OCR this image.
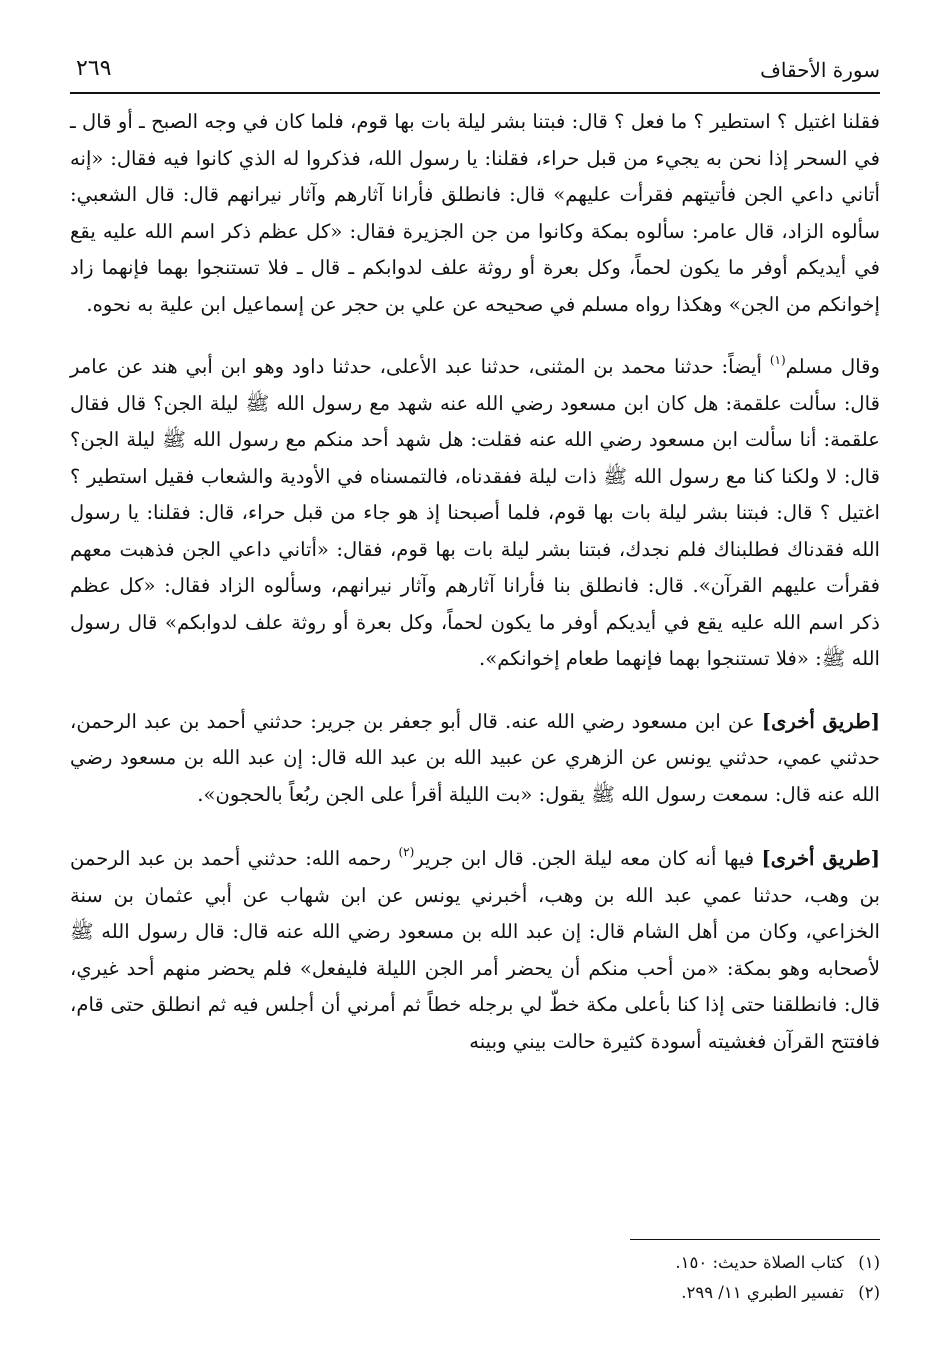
سورة الأحقاف
٢٦٩

فقلنا اغتيل ؟ استطير ؟ ما فعل ؟ قال: فبتنا بشر ليلة بات بها قوم، فلما كان في وجه الصبح ـ أو قال ـ في السحر إذا نحن به يجيء من قبل حراء، فقلنا: يا رسول الله، فذكروا له الذي كانوا فيه فقال: «إنه أتاني داعي الجن فأتيتهم فقرأت عليهم» قال: فانطلق فأرانا آثارهم وآثار نيرانهم قال: قال الشعبي: سألوه الزاد، قال عامر: سألوه بمكة وكانوا من جن الجزيرة فقال: «كل عظم ذكر اسم الله عليه يقع في أيديكم أوفر ما يكون لحماً، وكل بعرة أو روثة علف لدوابكم ـ قال ـ فلا تستنجوا بهما فإنهما زاد إخوانكم من الجن» وهكذا رواه مسلم في صحيحه عن علي بن حجر عن إسماعيل ابن علية به نحوه.

وقال مسلم$^{(١)}$ أيضاً: حدثنا محمد بن المثنى، حدثنا عبد الأعلى، حدثنا داود وهو ابن أبي هند عن عامر قال: سألت علقمة: هل كان ابن مسعود رضي الله عنه شهد مع رسول الله ﷺ ليلة الجن؟ قال فقال علقمة: أنا سألت ابن مسعود رضي الله عنه فقلت: هل شهد أحد منكم مع رسول الله ﷺ ليلة الجن؟ قال: لا ولكنا كنا مع رسول الله ﷺ ذات ليلة ففقدناه، فالتمسناه في الأودية والشعاب فقيل استطير ؟ اغتيل ؟ قال: فبتنا بشر ليلة بات بها قوم، فلما أصبحنا إذ هو جاء من قبل حراء، قال: فقلنا: يا رسول الله فقدناك فطلبناك فلم نجدك، فبتنا بشر ليلة بات بها قوم، فقال: «أتاني داعي الجن فذهبت معهم فقرأت عليهم القرآن». قال: فانطلق بنا فأرانا آثارهم وآثار نيرانهم، وسألوه الزاد فقال: «كل عظم ذكر اسم الله عليه يقع في أيديكم أوفر ما يكون لحماً، وكل بعرة أو روثة علف لدوابكم» قال رسول الله ﷺ: «فلا تستنجوا بهما فإنهما طعام إخوانكم».

[طريق أخرى] عن ابن مسعود رضي الله عنه. قال أبو جعفر بن جرير: حدثني أحمد بن عبد الرحمن، حدثني عمي، حدثني يونس عن الزهري عن عبيد الله بن عبد الله قال: إن عبد الله بن مسعود رضي الله عنه قال: سمعت رسول الله ﷺ يقول: «بت الليلة أقرأ على الجن ربُعاً بالحجون».

[طريق أخرى] فيها أنه كان معه ليلة الجن. قال ابن جرير$^{(٢)}$ رحمه الله: حدثني أحمد بن عبد الرحمن بن وهب، حدثنا عمي عبد الله بن وهب، أخبرني يونس عن ابن شهاب عن أبي عثمان بن سنة الخزاعي، وكان من أهل الشام قال: إن عبد الله بن مسعود رضي الله عنه قال: قال رسول الله ﷺ لأصحابه وهو بمكة: «من أحب منكم أن يحضر أمر الجن الليلة فليفعل» فلم يحضر منهم أحد غيري، قال: فانطلقنا حتى إذا كنا بأعلى مكة خطّ لي برجله خطاً ثم أمرني أن أجلس فيه ثم انطلق حتى قام، فافتتح القرآن فغشيته أسودة كثيرة حالت بيني وبينه

(١)
كتاب الصلاة حديث: ١٥٠.
(٢)
تفسير الطبري ١١/ ٢٩٩.
